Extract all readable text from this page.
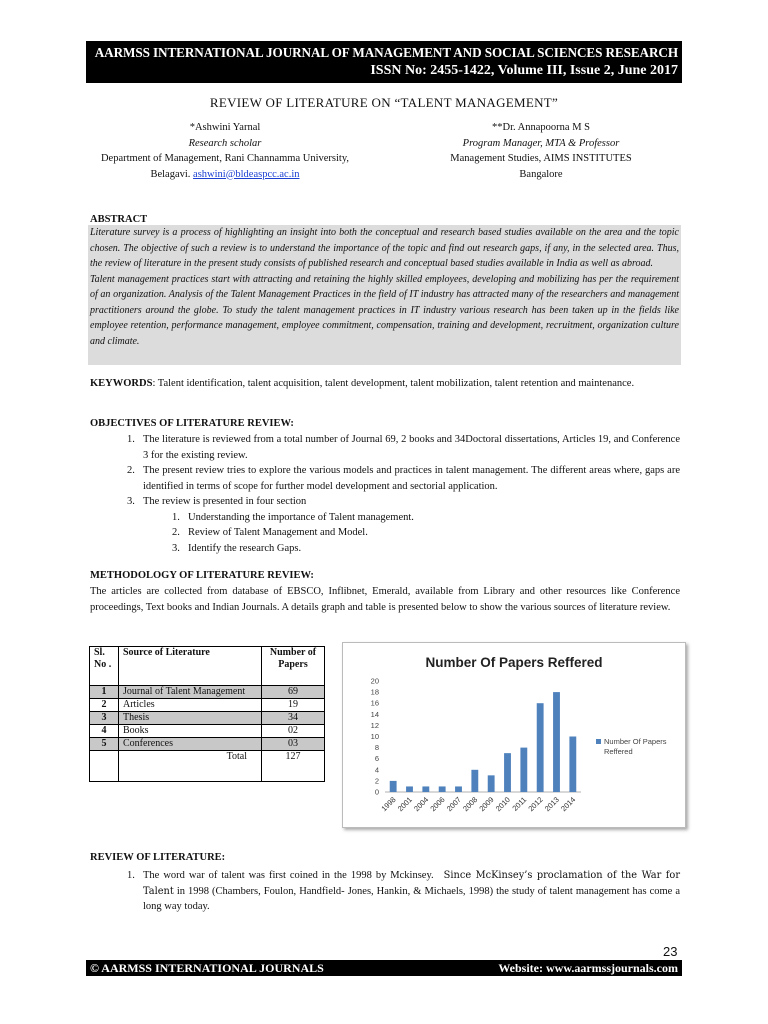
AARMSS INTERNATIONAL JOURNAL OF MANAGEMENT AND SOCIAL SCIENCES RESEARCH
ISSN No: 2455-1422, Volume III, Issue 2, June 2017
REVIEW OF LITERATURE ON “TALENT MANAGEMENT”
*Ashwini Yarnal
Research scholar
Department of Management, Rani Channamma University,
Belagavi. ashwini@bldeaspcc.ac.in
**Dr. Annapoorna M S
Program Manager, MTA & Professor
Management Studies, AIMS INSTITUTES
Bangalore
ABSTRACT

Literature survey is a process of highlighting an insight into both the conceptual and research based studies available on the area and the topic chosen. The objective of such a review is to understand the importance of the topic and find out research gaps, if any, in the selected area. Thus, the review of literature in the present study consists of published research and conceptual based studies available in India as well as abroad.

Talent management practices start with attracting and retaining the highly skilled employees, developing and mobilizing has per the requirement of an organization. Analysis of the Talent Management Practices in the field of IT industry has attracted many of the researchers and management practitioners around the globe. To study the talent management practices in IT industry various research has been taken up in the fields like employee retention, performance management, employee commitment, compensation, training and development, recruitment, organization culture and climate.

KEYWORDS: Talent identification, talent acquisition, talent development, talent mobilization, talent retention and maintenance.
OBJECTIVES OF LITERATURE REVIEW:
1. The literature is reviewed from a total number of Journal 69, 2 books and 34Doctoral dissertations, Articles 19, and Conference 3 for the existing review.
2. The present review tries to explore the various models and practices in talent management. The different areas where, gaps are identified in terms of scope for further model development and sectorial application.
3. The review is presented in four section
1. Understanding the importance of Talent management.
2. Review of Talent Management and Model.
3. Identify the research Gaps.
METHODOLOGY OF LITERATURE REVIEW:
The articles are collected from database of EBSCO, Inflibnet, Emerald, available from Library and other resources like Conference proceedings, Text books and Indian Journals. A details graph and table is presented below to show the various sources of literature review.
Sl. No .	Source of Literature	Number of Papers
1	Journal of Talent Management	69
2	Articles	19
3	Thesis	34
4	Books	02
5	Conferences	03
	Total	127
Number Of Papers Reffered
0
2
4
6
8
10
12
14
16
18
20
1998
2001
2004
2006
2007
2008
2009
2010
2011
2012
2013
2014
Number Of Papers
Reffered
REVIEW OF LITERATURE:
1. The word war of talent was first coined in the 1998 by Mckinsey. Since McKinsey’s proclamation of the War for Talent in 1998 (Chambers, Foulon, Handfield- Jones, Hankin, & Michaels, 1998) the study of talent management has come a long way today.
23
© AARMSS INTERNATIONAL JOURNALS	Website: www.aarmssjournals.com
